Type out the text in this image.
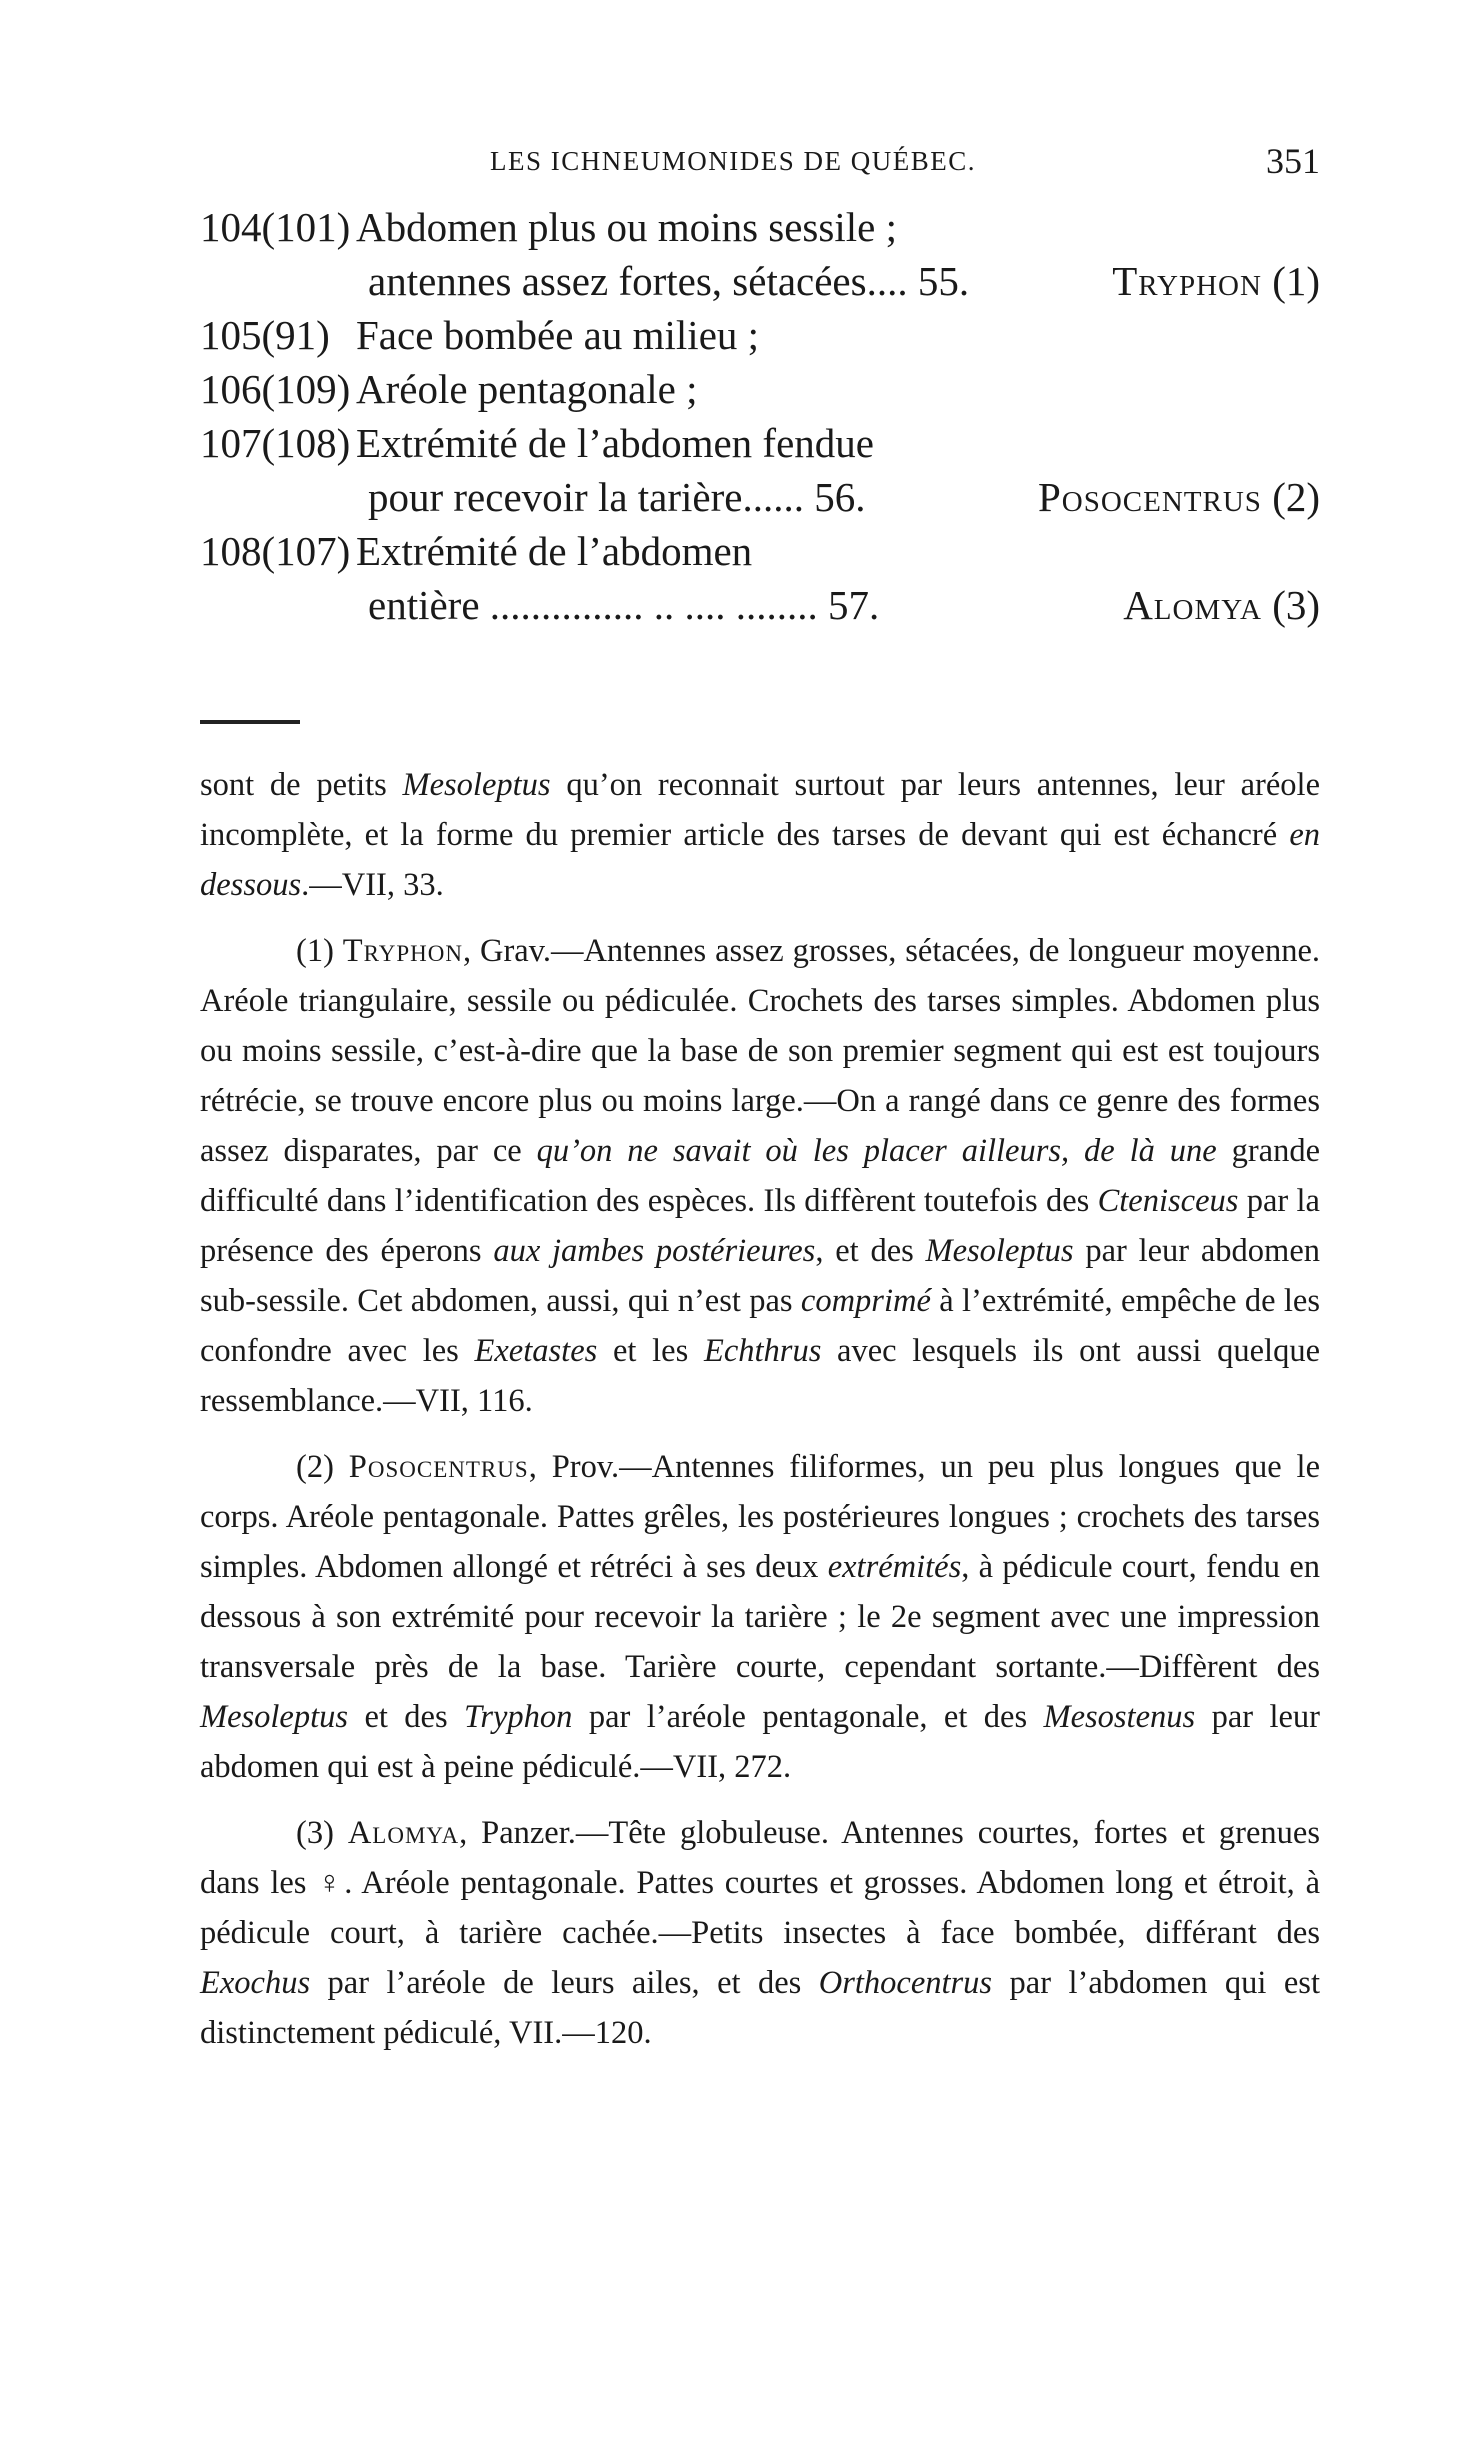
LES ICHNEUMONIDES DE QUÉBEC.	351
104(101) Abdomen plus ou moins sessile ;
antennes assez fortes, sétacées.... 55.	Tryphon (1)
105(91) Face bombée au milieu ;
106(109) Aréole pentagonale ;
107(108) Extrémité de l’abdomen fendue
pour recevoir la tarière...... 56.	Posocentrus (2)
108(107) Extrémité de l’abdomen
entière ............... .. .... ........ 57.	Alomya (3)

sont de petits Mesoleptus qu’on reconnait surtout par leurs antennes, leur aréole incomplète, et la forme du premier article des tarses de devant qui est échancré en dessous.—VII, 33.

(1) Tryphon, Grav.—Antennes assez grosses, sétacées, de longueur moyenne. Aréole triangulaire, sessile ou pédiculée. Crochets des tarses simples. Abdomen plus ou moins sessile, c’est-à-dire que la base de son premier segment qui est est toujours rétrécie, se trouve encore plus ou moins large.—On a rangé dans ce genre des formes assez disparates, par ce qu’on ne savait où les placer ailleurs, de là une grande difficulté dans l’identification des espèces. Ils diffèrent toutefois des Ctenisceus par la présence des éperons aux jambes postérieures, et des Mesoleptus par leur abdomen sub-sessile. Cet abdomen, aussi, qui n’est pas comprimé à l’extrémité, empêche de les confondre avec les Exetastes et les Echthrus avec lesquels ils ont aussi quelque ressemblance.—VII, 116.

(2) Posocentrus, Prov.—Antennes filiformes, un peu plus longues que le corps. Aréole pentagonale. Pattes grêles, les postérieures longues ; crochets des tarses simples. Abdomen allongé et rétréci à ses deux extrémités, à pédicule court, fendu en dessous à son extrémité pour recevoir la tarière ; le 2e segment avec une impression transversale près de la base. Tarière courte, cependant sortante.—Diffèrent des Mesoleptus et des Tryphon par l’aréole pentagonale, et des Mesostenus par leur abdomen qui est à peine pédiculé.—VII, 272.

(3) Alomya, Panzer.—Tête globuleuse. Antennes courtes, fortes et grenues dans les ♀. Aréole pentagonale. Pattes courtes et grosses. Abdomen long et étroit, à pédicule court, à tarière cachée.—Petits insectes à face bombée, différant des Exochus par l’aréole de leurs ailes, et des Orthocentrus par l’abdomen qui est distinctement pédiculé, VII.—120.
